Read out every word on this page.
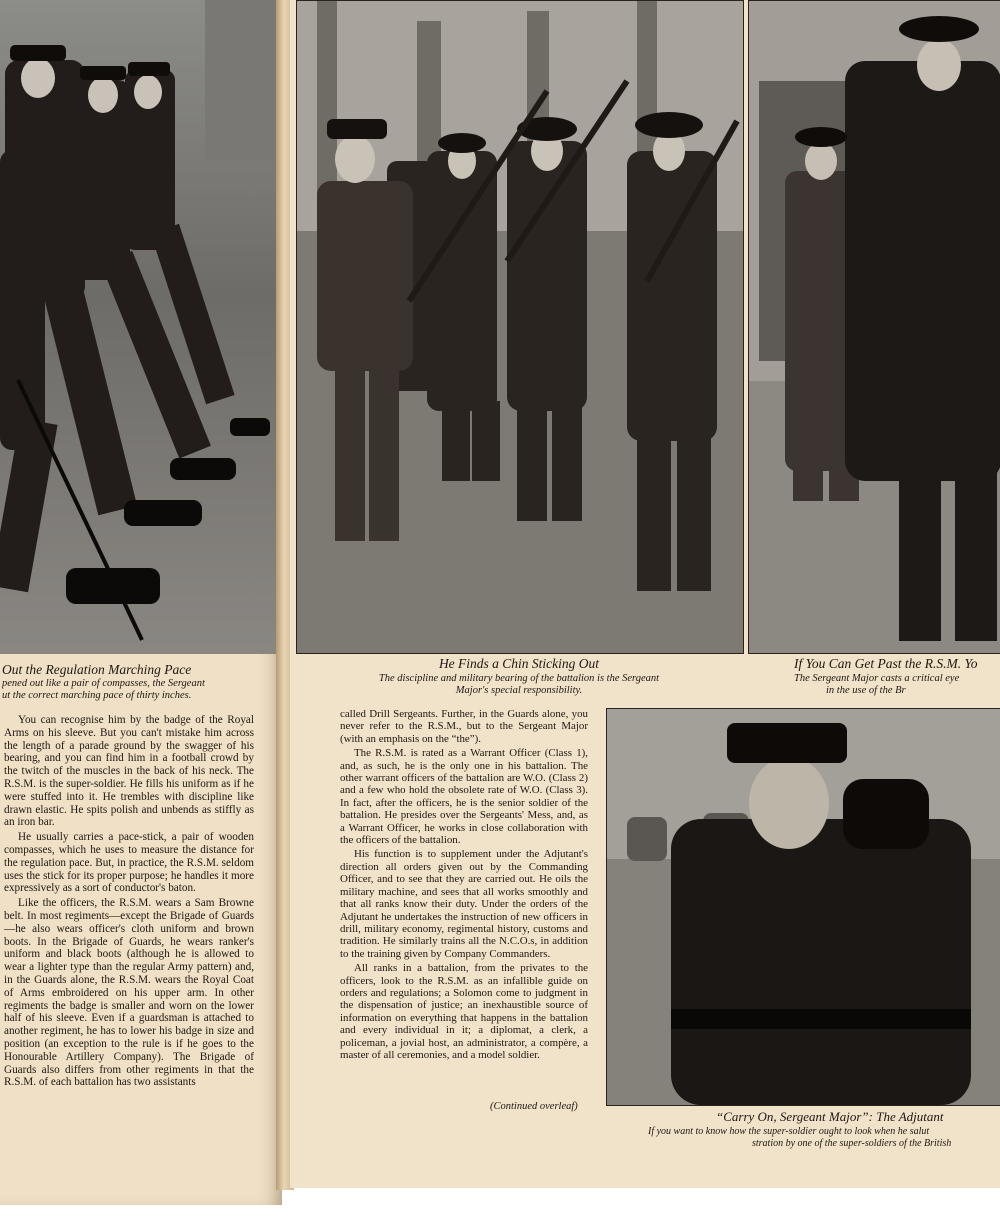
Out the Regulation Marching Pace
pened out like a pair of compasses, the Sergeant
ut the correct marching pace of thirty inches.

You can recognise him by the badge of the Royal Arms on his sleeve. But you can't mistake him across the length of a parade ground by the swagger of his bearing, and you can find him in a football crowd by the twitch of the muscles in the back of his neck. The R.S.M. is the super-soldier. He fills his uniform as if he were stuffed into it. He trembles with discipline like drawn elastic. He spits polish and unbends as stiffly as an iron bar.

He usually carries a pace-stick, a pair of wooden compasses, which he uses to measure the distance for the regulation pace. But, in practice, the R.S.M. seldom uses the stick for its proper purpose; he handles it more expressively as a sort of conductor's baton.

Like the officers, the R.S.M. wears a Sam Browne belt. In most regiments—except the Brigade of Guards—he also wears officer's cloth uniform and brown boots. In the Brigade of Guards, he wears ranker's uniform and black boots (although he is allowed to wear a lighter type than the regular Army pattern) and, in the Guards alone, the R.S.M. wears the Royal Coat of Arms embroidered on his upper arm. In other regiments the badge is smaller and worn on the lower half of his sleeve. Even if a guardsman is attached to another regiment, he has to lower his badge in size and position (an exception to the rule is if he goes to the Honourable Artillery Company). The Brigade of Guards also differs from other regiments in that the R.S.M. of each battalion has two assistants

He Finds a Chin Sticking Out
The discipline and military bearing of the battalion is the Sergeant
Major's special responsibility.
If You Can Get Past the R.S.M. Yo
The Sergeant Major casts a critical eye
in the use of the Br

called Drill Sergeants. Further, in the Guards alone, you never refer to the R.S.M., but to the Sergeant Major (with an emphasis on the “the”).

The R.S.M. is rated as a Warrant Officer (Class 1), and, as such, he is the only one in his battalion. The other warrant officers of the battalion are W.O. (Class 2) and a few who hold the obsolete rate of W.O. (Class 3). In fact, after the officers, he is the senior soldier of the battalion. He presides over the Sergeants' Mess, and, as a Warrant Officer, he works in close collaboration with the officers of the battalion.

His function is to supplement under the Adjutant's direction all orders given out by the Commanding Officer, and to see that they are carried out. He oils the military machine, and sees that all works smoothly and that all ranks know their duty. Under the orders of the Adjutant he undertakes the instruction of new officers in drill, military economy, regimental history, customs and tradition. He similarly trains all the N.C.O.s, in addition to the training given by Company Commanders.

All ranks in a battalion, from the privates to the officers, look to the R.S.M. as an infallible guide on orders and regulations; a Solomon come to judgment in the dispensation of justice; an inexhaustible source of information on everything that happens in the battalion and every individual in it; a diplomat, a clerk, a policeman, a jovial host, an administrator, a compère, a master of all ceremonies, and a model soldier.

(Continued overleaf)
“Carry On, Sergeant Major”: The Adjutant
If you want to know how the super-soldier ought to look when he salut
stration by one of the super-soldiers of the British
